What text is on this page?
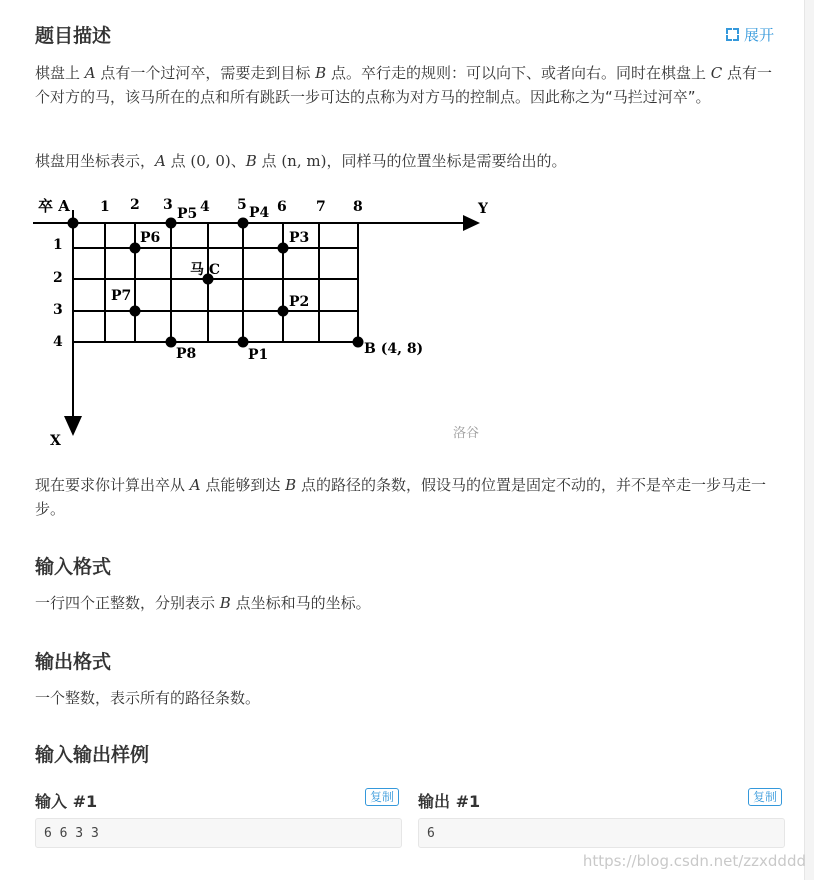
题目描述	展开

棋盘上 A 点有一个过河卒，需要走到目标 B 点。卒行走的规则：可以向下、或者向右。同时在棋盘上 C 点有一个对方的马，该马所在的点和所有跳跃一步可达的点称为对方马的控制点。因此称之为“马拦过河卒”。

棋盘用坐标表示，A 点 (0, 0)、B 点 (n, m)，同样马的位置坐标是需要给出的。

卒 A	Y
X
1 2 3 4 5 6 7 8
1
2
3
4
P5	P4
P6	P3
马 C
P7	P2
P8	P1	B (4, 8)
洛谷

现在要求你计算出卒从 A 点能够到达 B 点的路径的条数，假设马的位置是固定不动的，并不是卒走一步马走一步。

输入格式

一行四个正整数，分别表示 B 点坐标和马的坐标。

输出格式

一个整数，表示所有的路径条数。

输入输出样例
输入 #1	复制
6 6 3 3
输出 #1	复制
6
https://blog.csdn.net/zzxdddd
